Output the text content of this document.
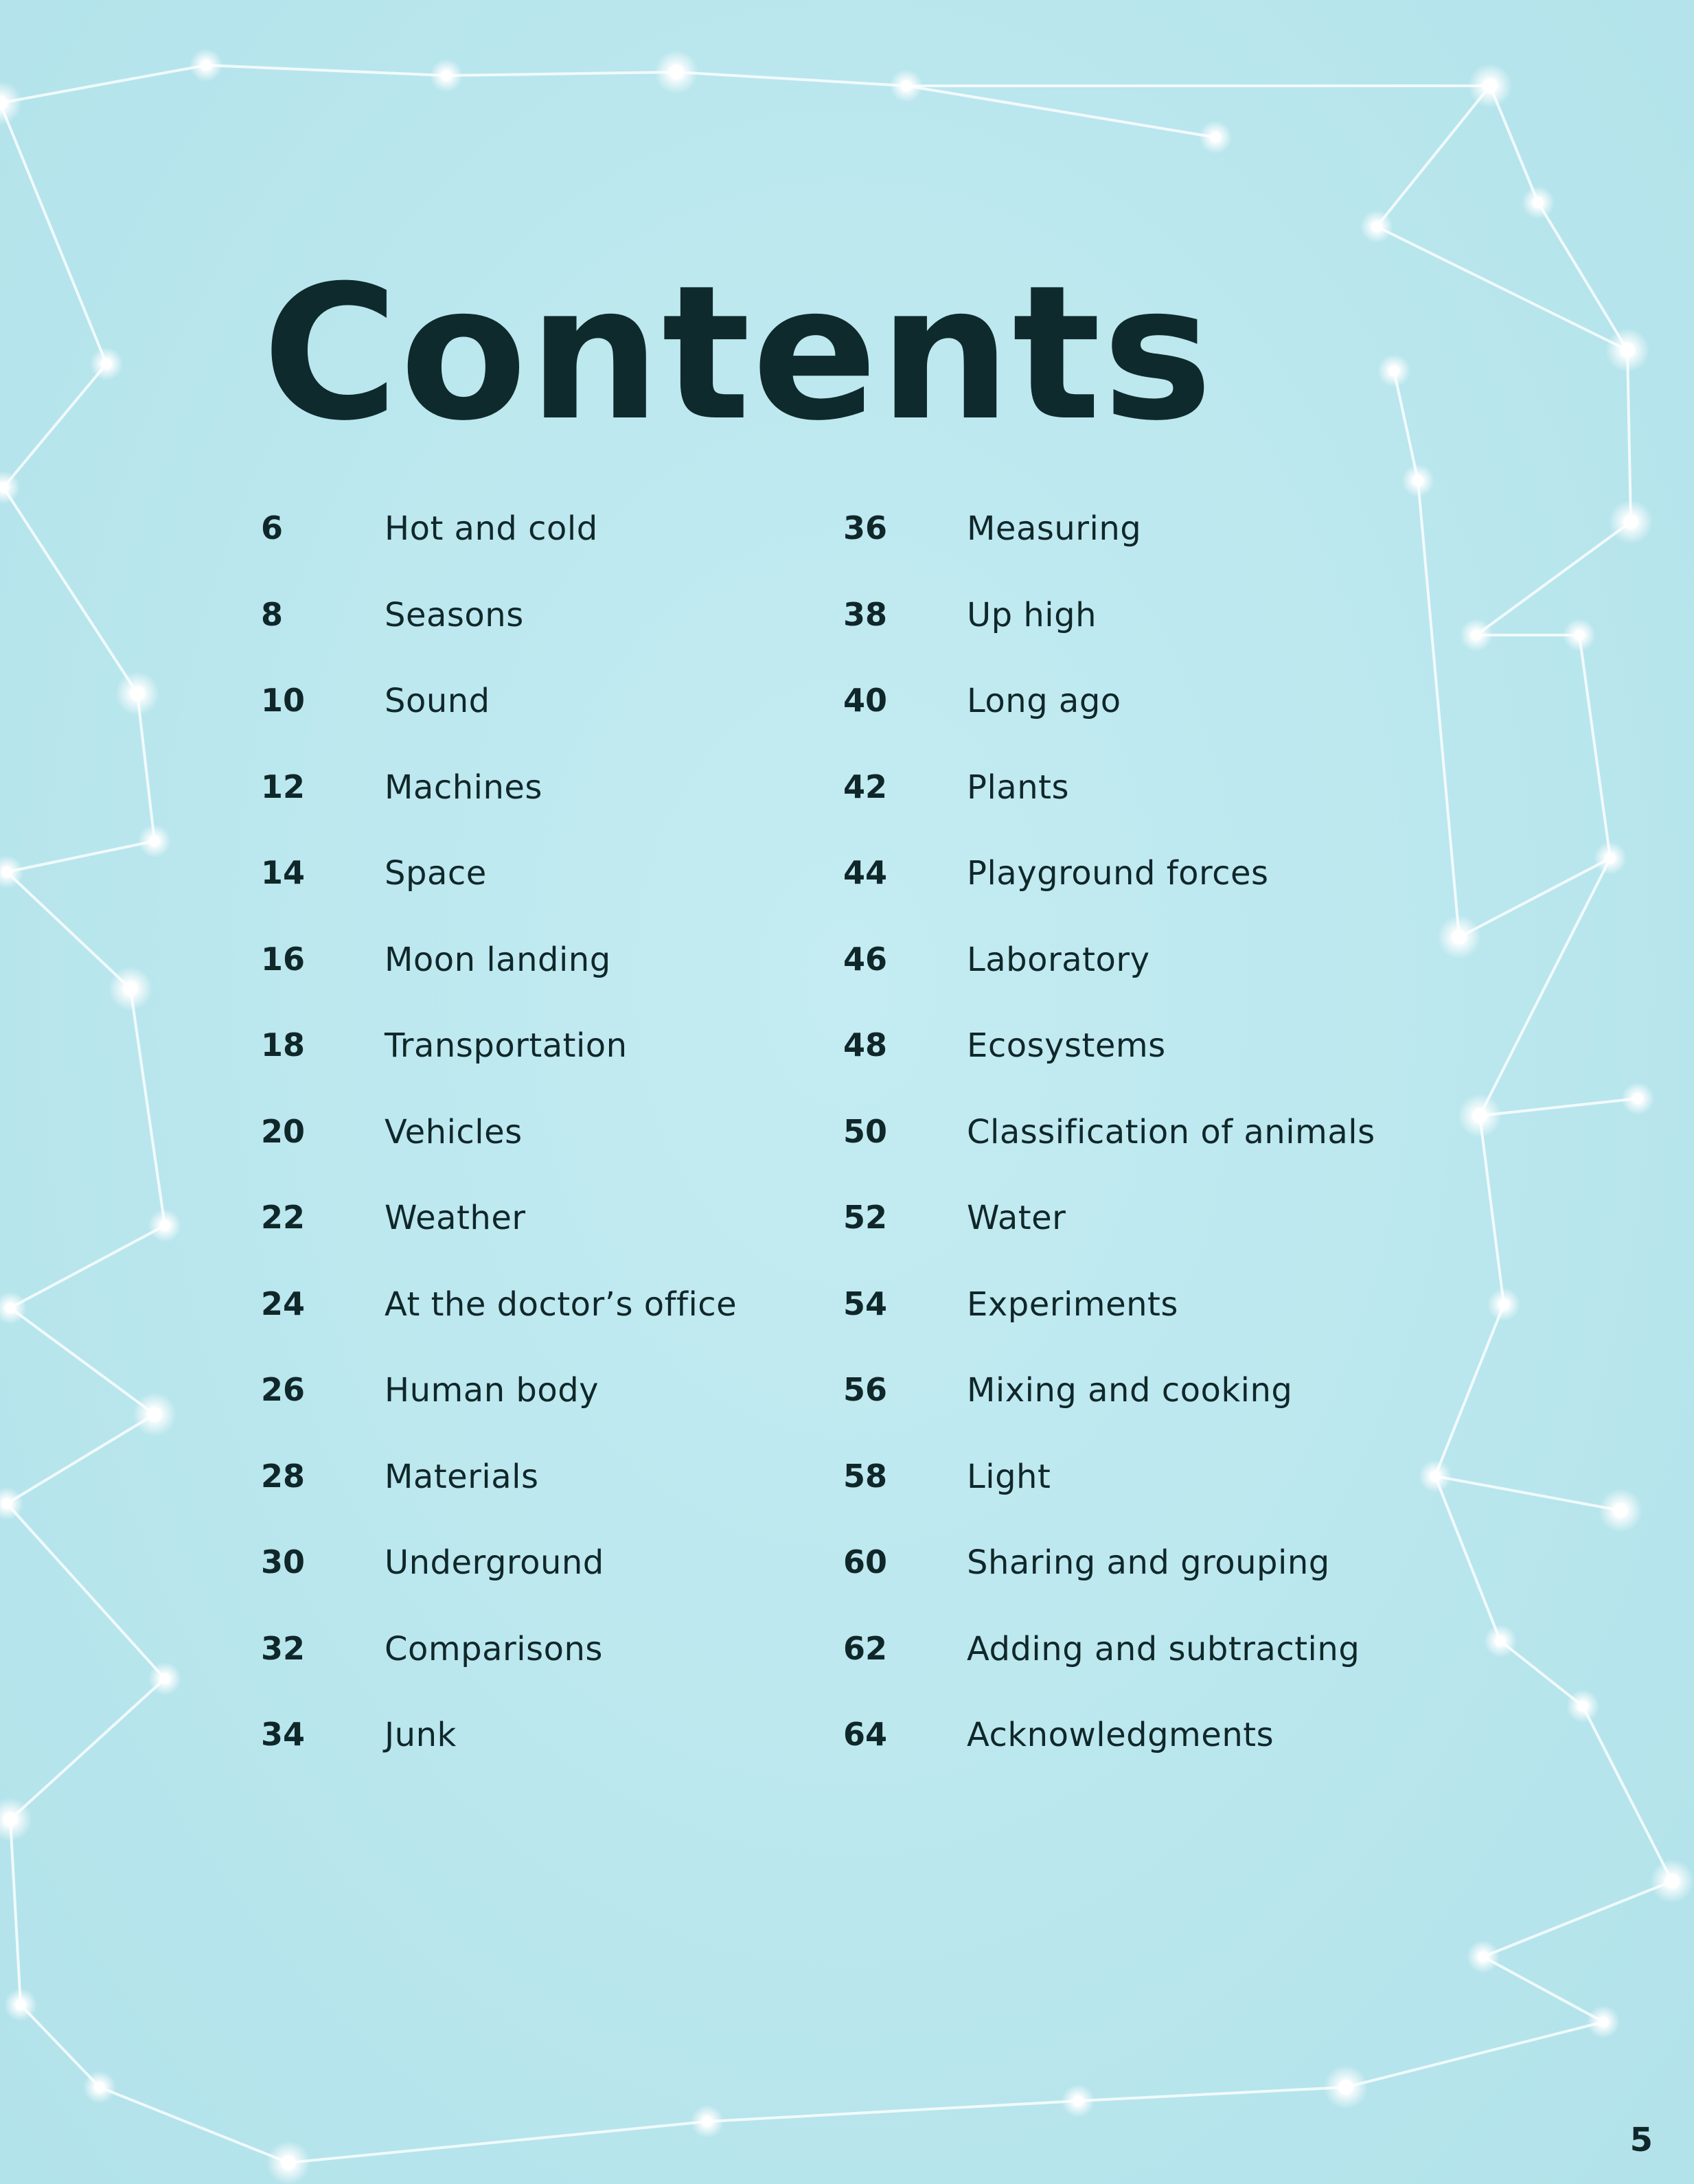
Contents
6	Hot and cold
8	Seasons
10	Sound
12	Machines
14	Space
16	Moon landing
18	Transportation
20	Vehicles
22	Weather
24	At the doctor’s office
26	Human body
28	Materials
30	Underground
32	Comparisons
34	Junk
36	Measuring
38	Up high
40	Long ago
42	Plants
44	Playground forces
46	Laboratory
48	Ecosystems
50	Classification of animals
52	Water
54	Experiments
56	Mixing and cooking
58	Light
60	Sharing and grouping
62	Adding and subtracting
64	Acknowledgments
5
